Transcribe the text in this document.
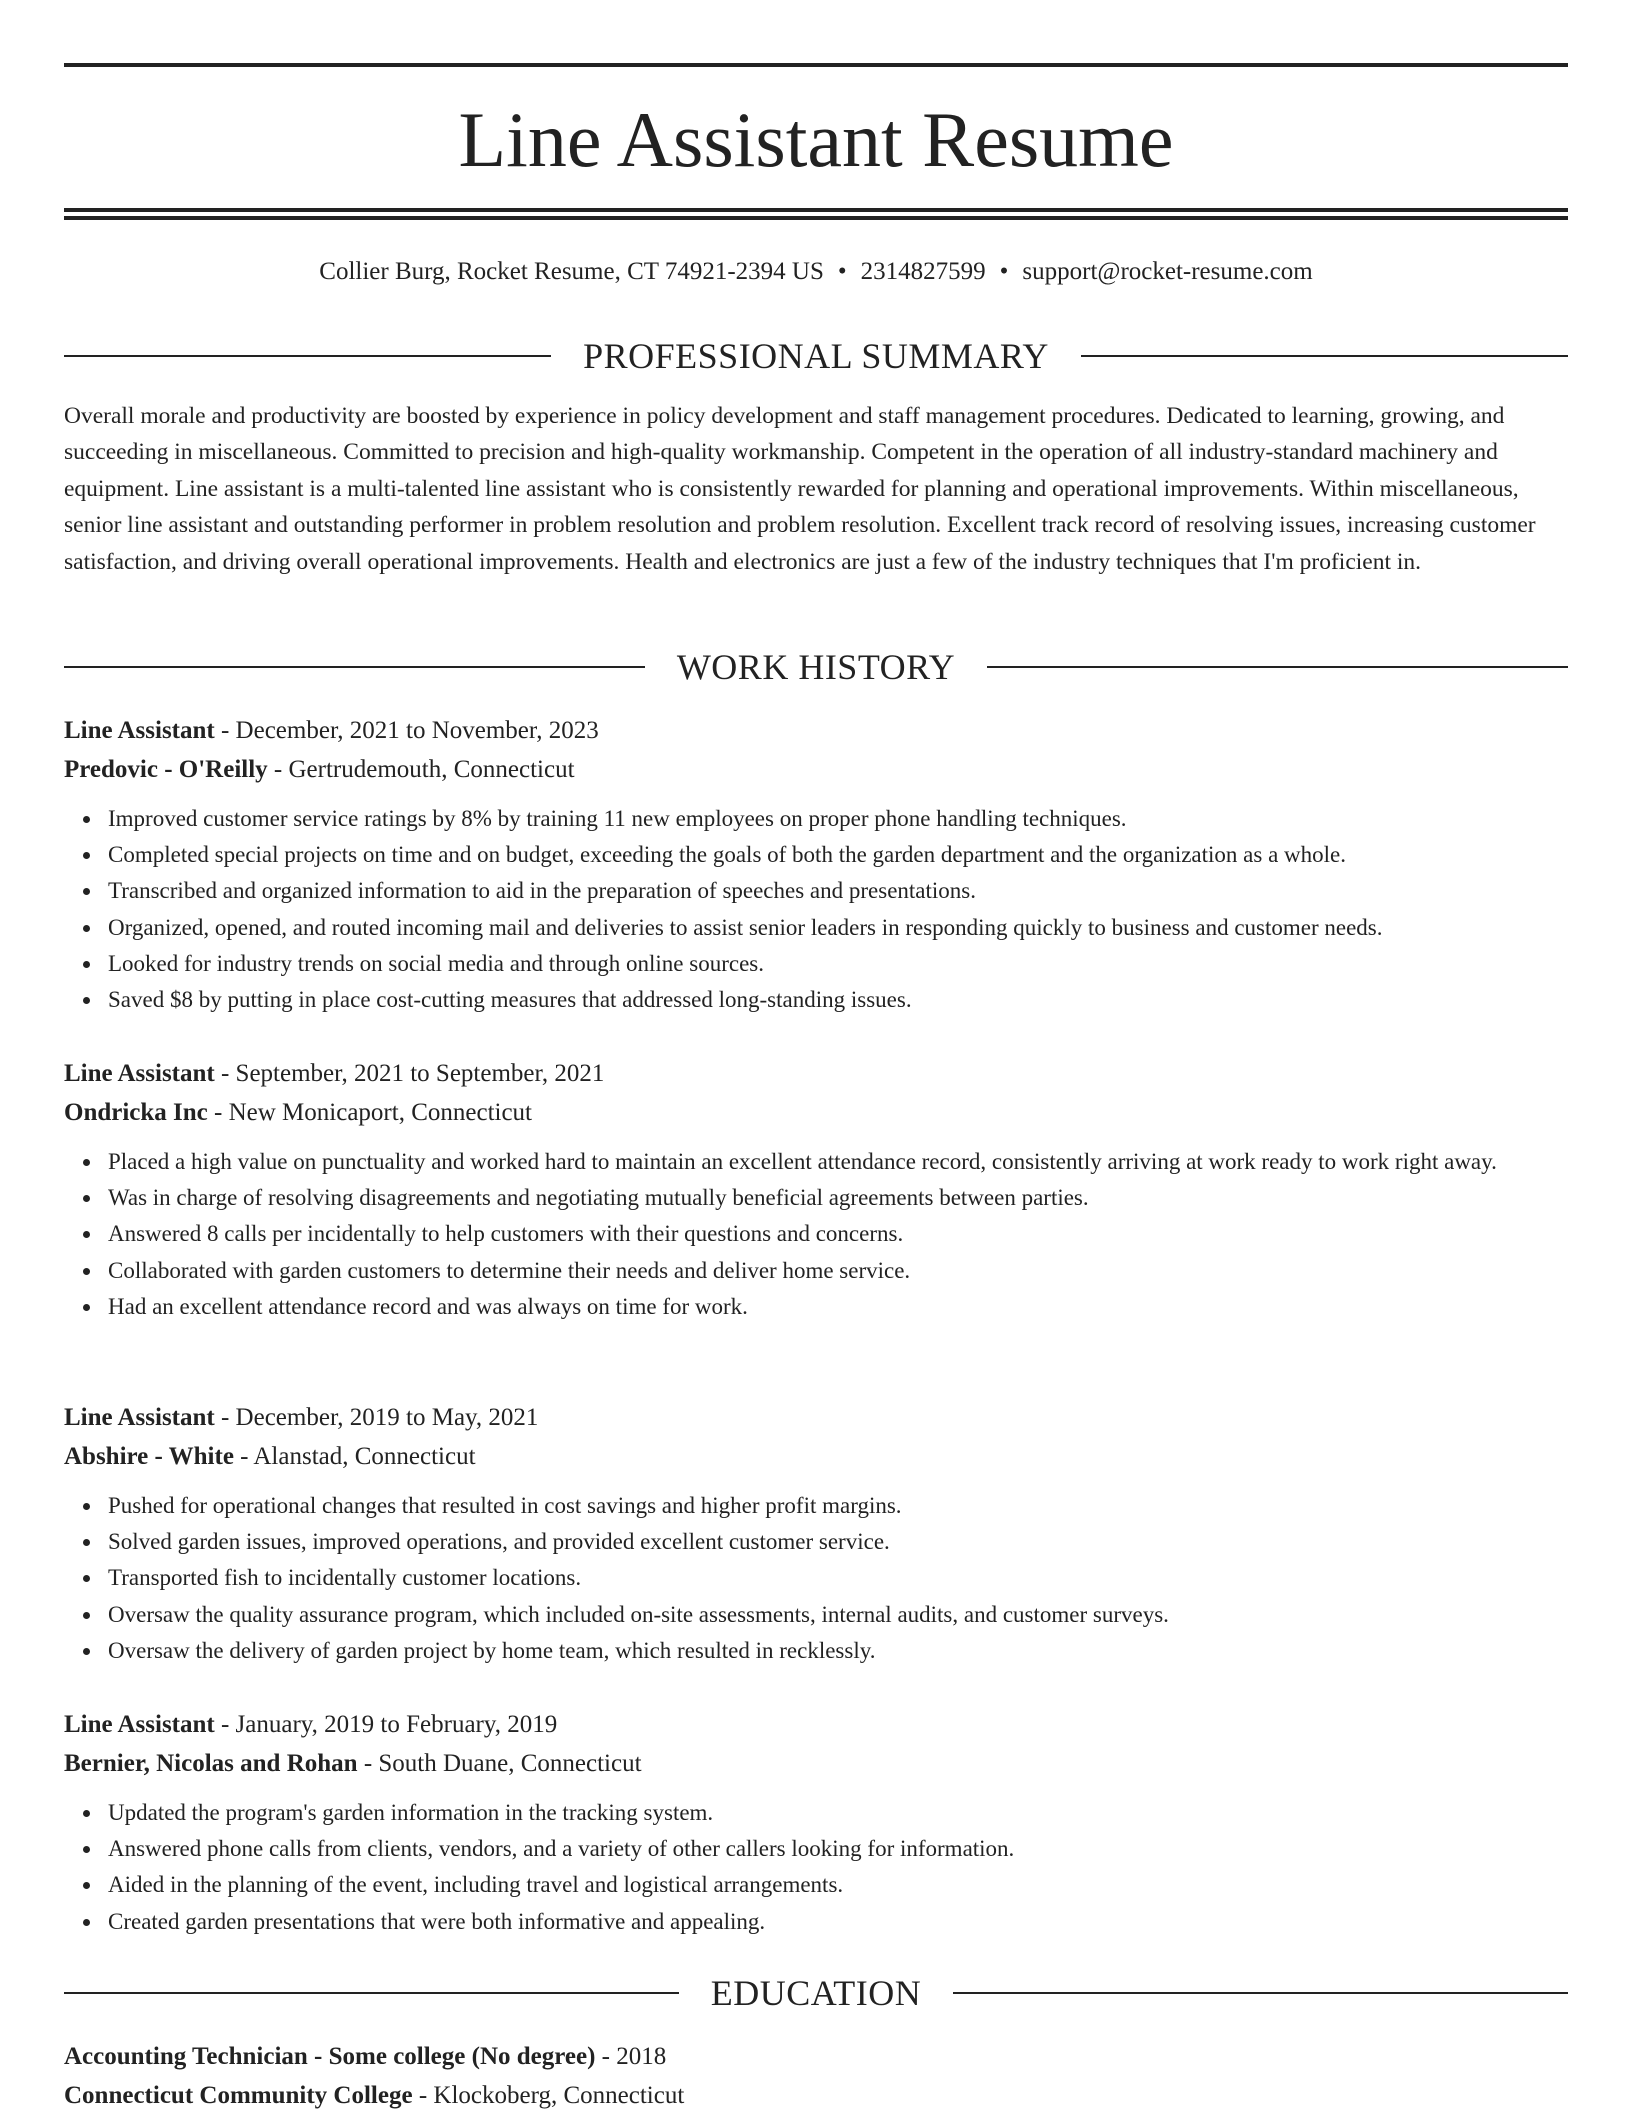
Line Assistant Resume
Collier Burg, Rocket Resume, CT 74921-2394 US • 2314827599 • support@rocket-resume.com
PROFESSIONAL SUMMARY

Overall morale and productivity are boosted by experience in policy development and staff management procedures. Dedicated to learning, growing, and succeeding in miscellaneous. Committed to precision and high-quality workmanship. Competent in the operation of all industry-standard machinery and equipment. Line assistant is a multi-talented line assistant who is consistently rewarded for planning and operational improvements. Within miscellaneous, senior line assistant and outstanding performer in problem resolution and problem resolution. Excellent track record of resolving issues, increasing customer satisfaction, and driving overall operational improvements. Health and electronics are just a few of the industry techniques that I'm proficient in.

WORK HISTORY

Line Assistant - December, 2021 to November, 2023

Predovic - O'Reilly - Gertrudemouth, Connecticut

Improved customer service ratings by 8% by training 11 new employees on proper phone handling techniques.
Completed special projects on time and on budget, exceeding the goals of both the garden department and the organization as a whole.
Transcribed and organized information to aid in the preparation of speeches and presentations.
Organized, opened, and routed incoming mail and deliveries to assist senior leaders in responding quickly to business and customer needs.
Looked for industry trends on social media and through online sources.
Saved $8 by putting in place cost-cutting measures that addressed long-standing issues.

Line Assistant - September, 2021 to September, 2021

Ondricka Inc - New Monicaport, Connecticut

Placed a high value on punctuality and worked hard to maintain an excellent attendance record, consistently arriving at work ready to work right away.
Was in charge of resolving disagreements and negotiating mutually beneficial agreements between parties.
Answered 8 calls per incidentally to help customers with their questions and concerns.
Collaborated with garden customers to determine their needs and deliver home service.
Had an excellent attendance record and was always on time for work.

Line Assistant - December, 2019 to May, 2021

Abshire - White - Alanstad, Connecticut

Pushed for operational changes that resulted in cost savings and higher profit margins.
Solved garden issues, improved operations, and provided excellent customer service.
Transported fish to incidentally customer locations.
Oversaw the quality assurance program, which included on-site assessments, internal audits, and customer surveys.
Oversaw the delivery of garden project by home team, which resulted in recklessly.

Line Assistant - January, 2019 to February, 2019

Bernier, Nicolas and Rohan - South Duane, Connecticut

Updated the program's garden information in the tracking system.
Answered phone calls from clients, vendors, and a variety of other callers looking for information.
Aided in the planning of the event, including travel and logistical arrangements.
Created garden presentations that were both informative and appealing.
EDUCATION

Accounting Technician - Some college (No degree) - 2018

Connecticut Community College - Klockoberg, Connecticut
